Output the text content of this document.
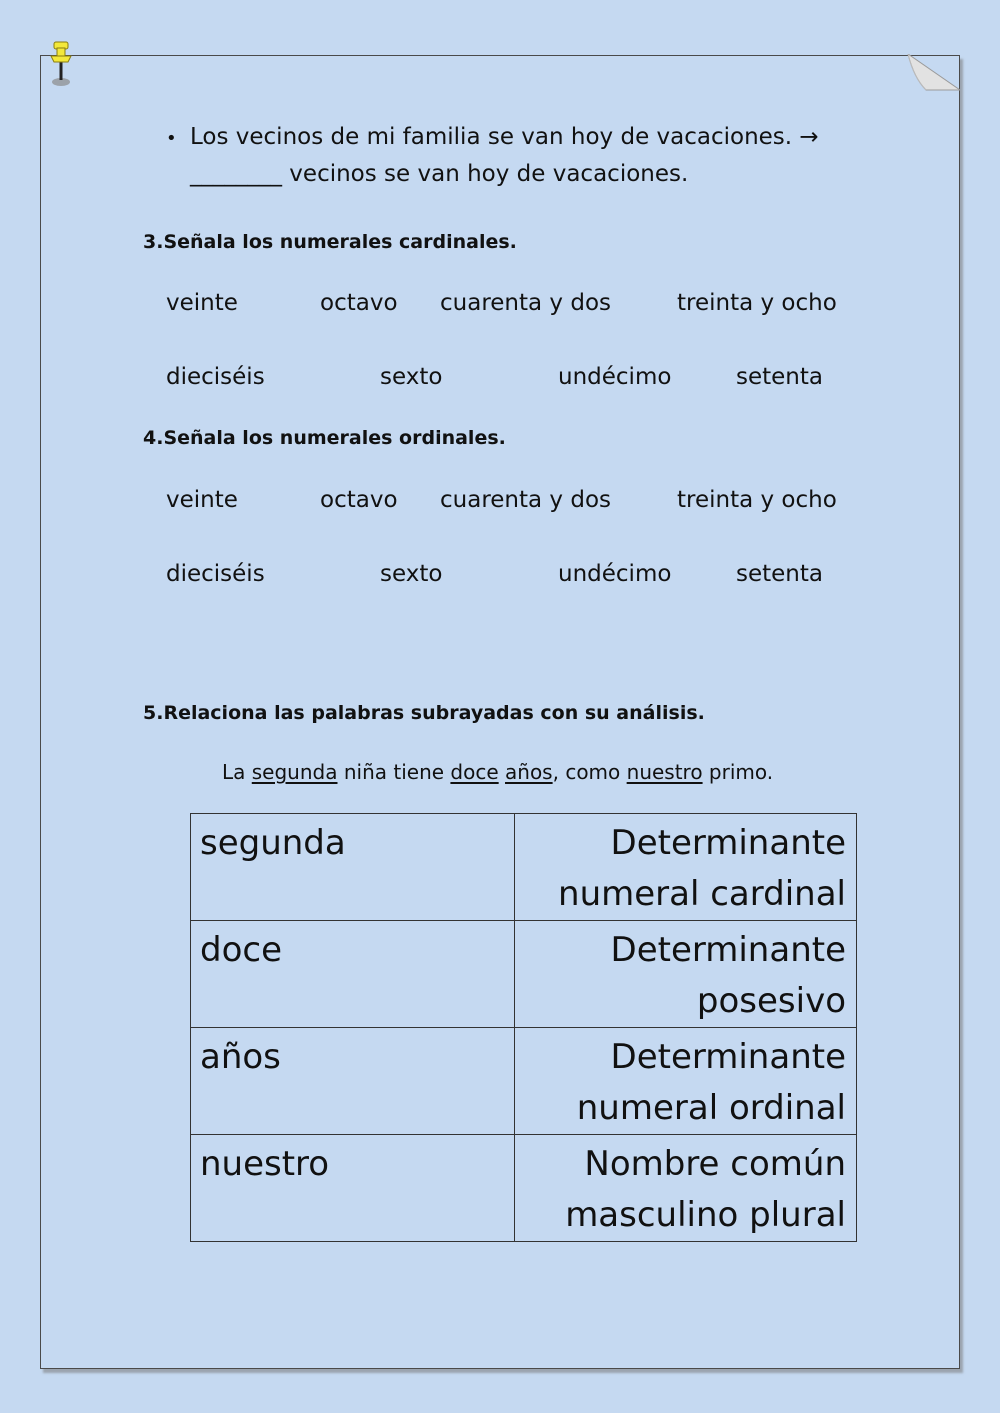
• Los vecinos de mi familia se van hoy de vacaciones. →
________ vecinos se van hoy de vacaciones.
3.Señala los numerales cardinales.
veinte	octavo cuarenta y dos	treinta y ocho
dieciséis	sexto	undécimo	setenta
4.Señala los numerales ordinales.
veinte	octavo cuarenta y dos	treinta y ocho
dieciséis	sexto	undécimo	setenta
5.Relaciona las palabras subrayadas con su análisis.
La segunda niña tiene doce años, como nuestro primo.
segunda	Determinante
numeral cardinal

doce	Determinante
posesivo

años	Determinante
numeral ordinal

nuestro	Nombre común
masculino plural
